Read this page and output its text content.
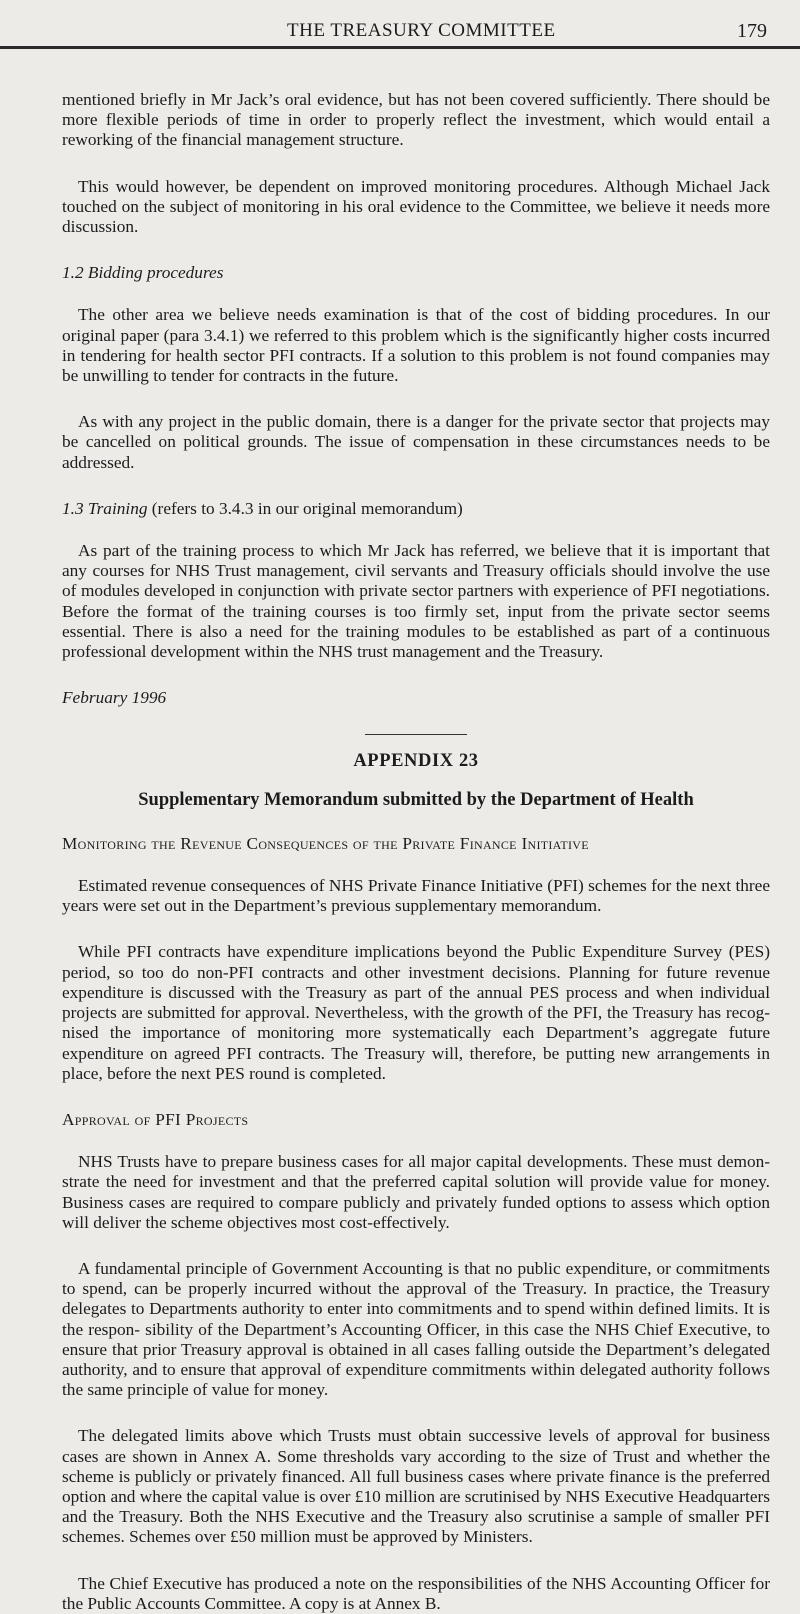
THE TREASURY COMMITTEE	179

mentioned briefly in Mr Jack’s oral evidence, but has not been covered sufficiently. There should be more flexible periods of time in order to properly reflect the investment, which would entail a reworking of the financial management structure.

This would however, be dependent on improved monitoring procedures. Although Michael Jack touched on the subject of monitoring in his oral evidence to the Committee, we believe it needs more discussion.

1.2 Bidding procedures

The other area we believe needs examination is that of the cost of bidding procedures. In our original paper (para 3.4.1) we referred to this problem which is the significantly higher costs incurred in tendering for health sector PFI contracts. If a solution to this problem is not found companies may be unwilling to tender for contracts in the future.

As with any project in the public domain, there is a danger for the private sector that projects may be cancelled on political grounds. The issue of compensation in these circumstances needs to be addressed.

1.3 Training (refers to 3.4.3 in our original memorandum)

As part of the training process to which Mr Jack has referred, we believe that it is important that any courses for NHS Trust management, civil servants and Treasury officials should involve the use of modules developed in conjunction with private sector partners with experience of PFI negotiations. Before the format of the training courses is too firmly set, input from the private sector seems essential. There is also a need for the training modules to be established as part of a continuous professional development within the NHS trust management and the Treasury.

February 1996

APPENDIX 23

Supplementary Memorandum submitted by the Department of Health

Monitoring the Revenue Consequences of the Private Finance Initiative

Estimated revenue consequences of NHS Private Finance Initiative (PFI) schemes for the next three years were set out in the Department’s previous supplementary memorandum.

While PFI contracts have expenditure implications beyond the Public Expenditure Survey (PES) period, so too do non-PFI contracts and other investment decisions. Planning for future revenue expenditure is discussed with the Treasury as part of the annual PES process and when individual projects are submitted for approval. Nevertheless, with the growth of the PFI, the Treasury has recog- nised the importance of monitoring more systematically each Department’s aggregate future expenditure on agreed PFI contracts. The Treasury will, therefore, be putting new arrangements in place, before the next PES round is completed.

Approval of PFI Projects

NHS Trusts have to prepare business cases for all major capital developments. These must demon- strate the need for investment and that the preferred capital solution will provide value for money. Business cases are required to compare publicly and privately funded options to assess which option will deliver the scheme objectives most cost-effectively.

A fundamental principle of Government Accounting is that no public expenditure, or commitments to spend, can be properly incurred without the approval of the Treasury. In practice, the Treasury delegates to Departments authority to enter into commitments and to spend within defined limits. It is the respon- sibility of the Department’s Accounting Officer, in this case the NHS Chief Executive, to ensure that prior Treasury approval is obtained in all cases falling outside the Department’s delegated authority, and to ensure that approval of expenditure commitments within delegated authority follows the same principle of value for money.

The delegated limits above which Trusts must obtain successive levels of approval for business cases are shown in Annex A. Some thresholds vary according to the size of Trust and whether the scheme is publicly or privately financed. All full business cases where private finance is the preferred option and where the capital value is over £10 million are scrutinised by NHS Executive Headquarters and the Treasury. Both the NHS Executive and the Treasury also scrutinise a sample of smaller PFI schemes. Schemes over £50 million must be approved by Ministers.

The Chief Executive has produced a note on the responsibilities of the NHS Accounting Officer for the Public Accounts Committee. A copy is at Annex B.
